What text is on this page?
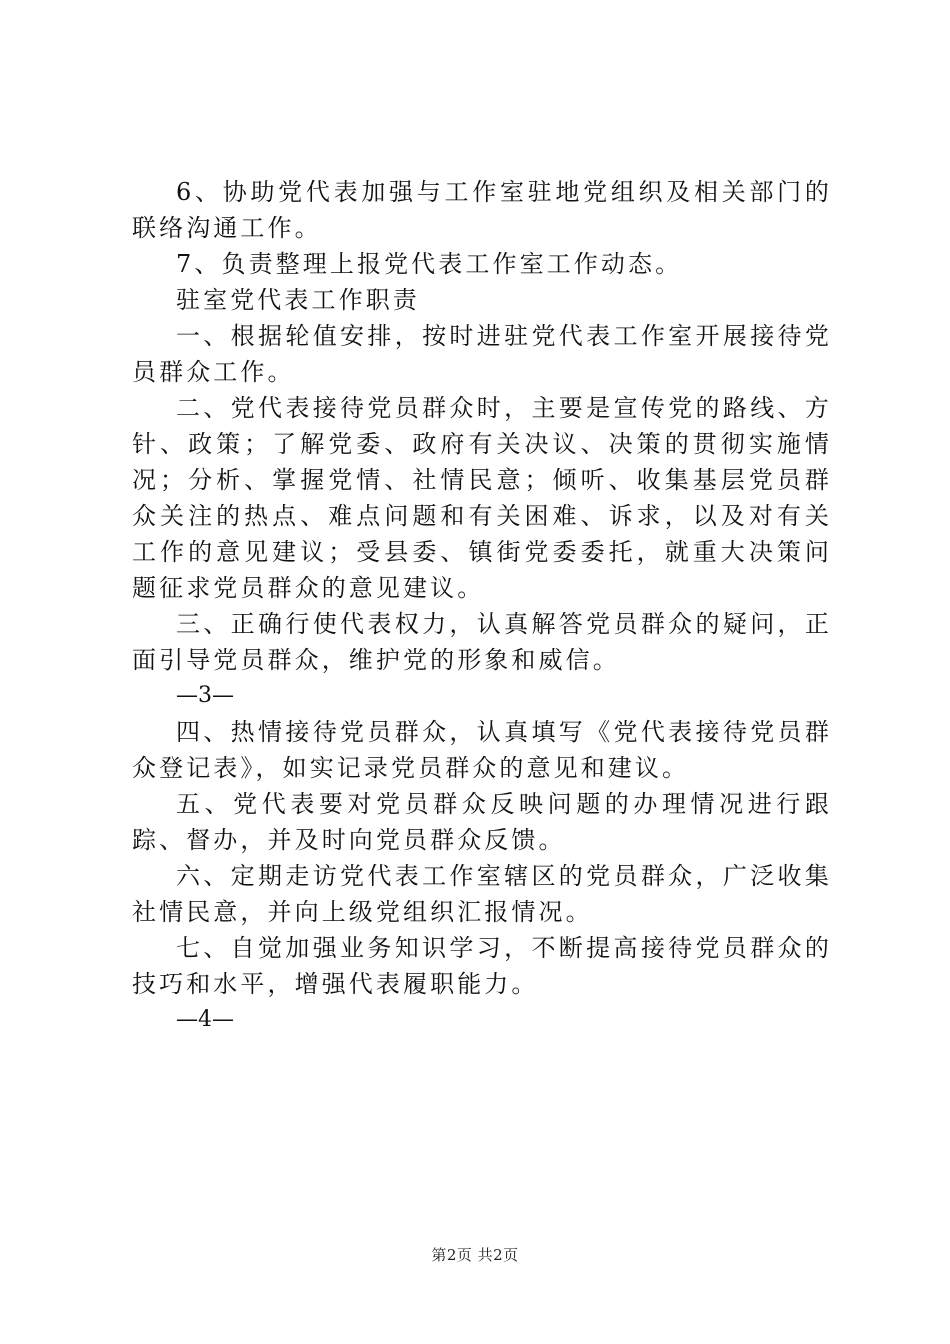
6、协助党代表加强与工作室驻地党组织及相关部门的联络沟通工作。

7、负责整理上报党代表工作室工作动态。

驻室党代表工作职责

一、根据轮值安排，按时进驻党代表工作室开展接待党员群众工作。

二、党代表接待党员群众时，主要是宣传党的路线、方针、政策；了解党委、政府有关决议、决策的贯彻实施情况；分析、掌握党情、社情民意；倾听、收集基层党员群众关注的热点、难点问题和有关困难、诉求，以及对有关工作的意见建议；受县委、镇街党委委托，就重大决策问题征求党员群众的意见建议。

三、正确行使代表权力，认真解答党员群众的疑问，正面引导党员群众，维护党的形象和威信。

—3—

四、热情接待党员群众，认真填写《党代表接待党员群众登记表》，如实记录党员群众的意见和建议。

五、党代表要对党员群众反映问题的办理情况进行跟踪、督办，并及时向党员群众反馈。

六、定期走访党代表工作室辖区的党员群众，广泛收集社情民意，并向上级党组织汇报情况。

七、自觉加强业务知识学习，不断提高接待党员群众的技巧和水平，增强代表履职能力。

—4—

第2页 共2页
